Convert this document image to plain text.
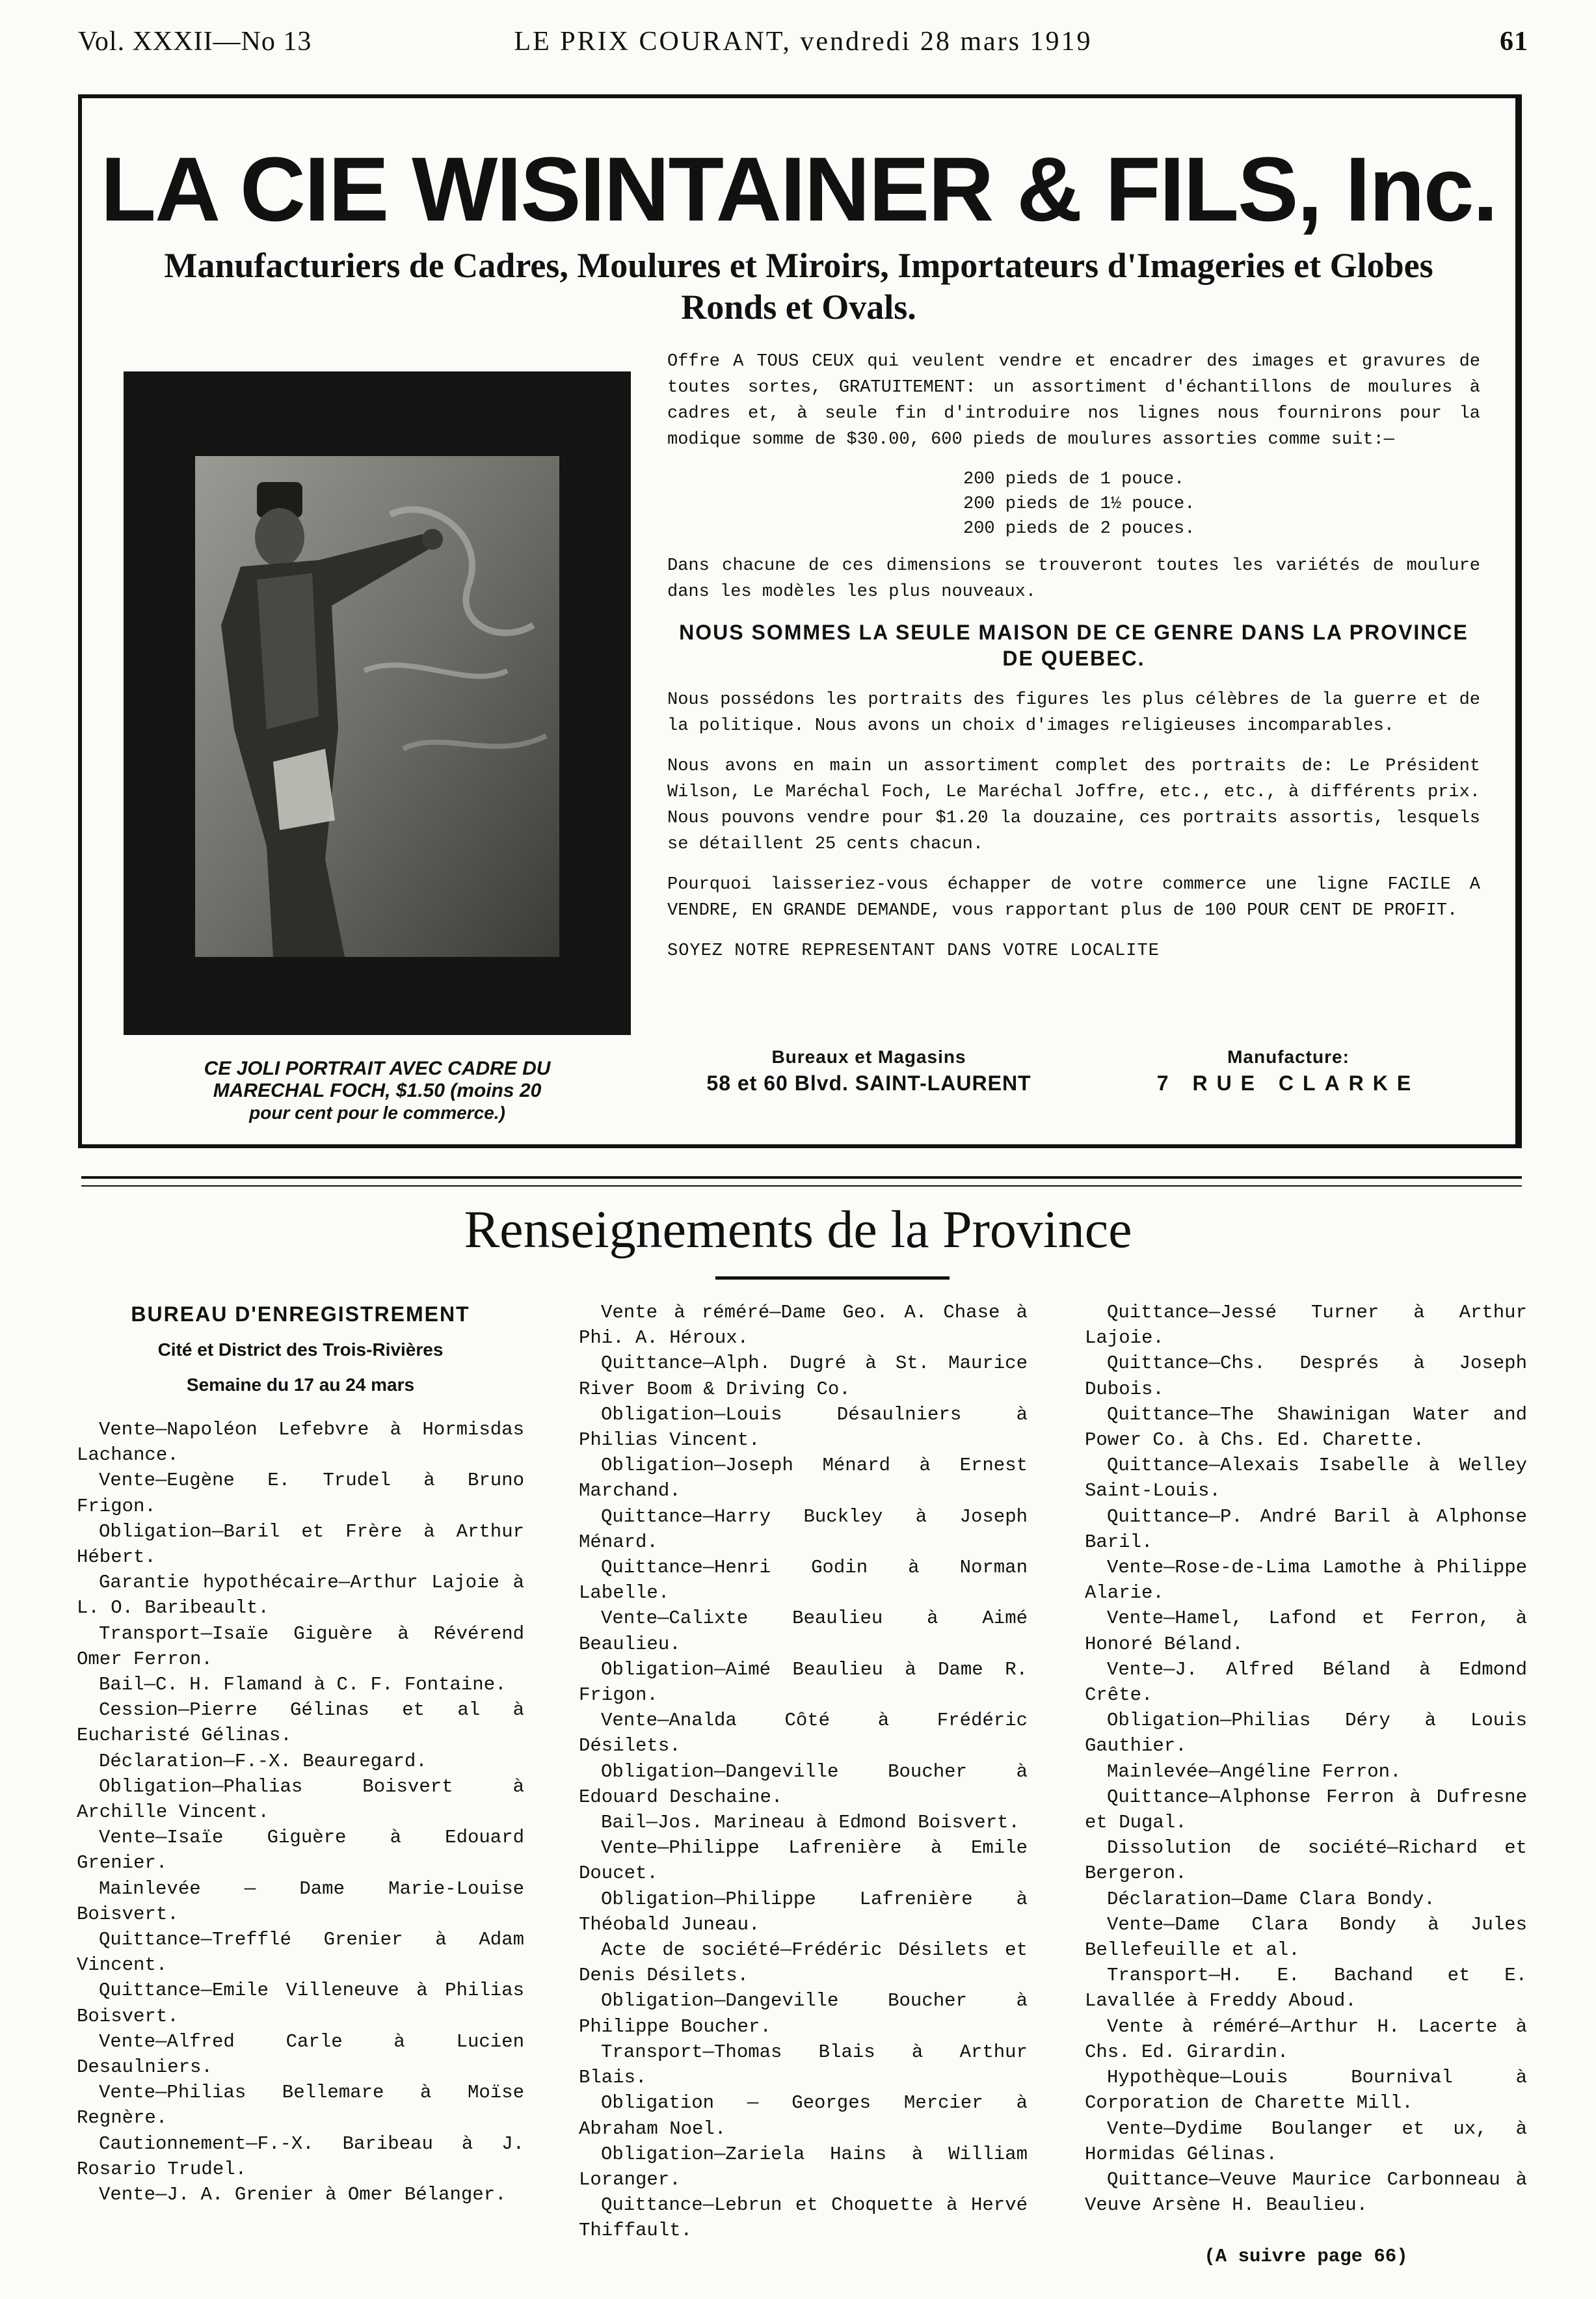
Vol. XXXII—No 13	LE PRIX COURANT, vendredi 28 mars 1919	61
LA CIE WISINTAINER & FILS, Inc.
Manufacturiers de Cadres, Moulures et Miroirs, Importateurs d'Imageries et Globes Ronds et Ovals.
CE JOLI PORTRAIT AVEC CADRE DU
MARECHAL FOCH, $1.50 (moins 20
pour cent pour le commerce.)

Offre A TOUS CEUX qui veulent vendre et encadrer des images et gravures de toutes sortes, GRATUITEMENT: un assortiment d'échantillons de moulures à cadres et, à seule fin d'introduire nos lignes nous fournirons pour la modique somme de $30.00, 600 pieds de moulures assorties comme suit:—

200 pieds de 1 pouce.
200 pieds de 1½ pouce.
200 pieds de 2 pouces.

Dans chacune de ces dimensions se trouveront toutes les variétés de moulure dans les modèles les plus nouveaux.

NOUS SOMMES LA SEULE MAISON DE CE GENRE DANS LA PROVINCE DE QUEBEC.

Nous possédons les portraits des figures les plus célèbres de la guerre et de la politique. Nous avons un choix d'images religieuses incomparables.

Nous avons en main un assortiment complet des portraits de: Le Président Wilson, Le Maréchal Foch, Le Maréchal Joffre, etc., etc., à différents prix. Nous pouvons vendre pour $1.20 la douzaine, ces portraits assortis, lesquels se détaillent 25 cents chacun.

Pourquoi laisseriez-vous échapper de votre commerce une ligne FACILE A VENDRE, EN GRANDE DEMANDE, vous rapportant plus de 100 POUR CENT DE PROFIT.

SOYEZ NOTRE REPRESENTANT DANS VOTRE LOCALITE

Bureaux et Magasins
58 et 60 Blvd. SAINT-LAURENT
Manufacture:
7 RUE CLARKE
Renseignements de la Province
BUREAU D'ENREGISTREMENT
Cité et District des Trois-Rivières
Semaine du 17 au 24 mars

Vente—Napoléon Lefebvre à Hormisdas Lachance.

Vente—Eugène E. Trudel à Bruno Frigon.

Obligation—Baril et Frère à Arthur Hébert.

Garantie hypothécaire—Arthur Lajoie à L. O. Baribeault.

Transport—Isaïe Giguère à Révérend Omer Ferron.

Bail—C. H. Flamand à C. F. Fontaine.

Cession—Pierre Gélinas et al à Eucharisté Gélinas.

Déclaration—F.-X. Beauregard.

Obligation—Phalias Boisvert à Archille Vincent.

Vente—Isaïe Giguère à Edouard Grenier.

Mainlevée — Dame Marie-Louise Boisvert.

Quittance—Trefflé Grenier à Adam Vincent.

Quittance—Emile Villeneuve à Philias Boisvert.

Vente—Alfred Carle à Lucien Desaulniers.

Vente—Philias Bellemare à Moïse Regnère.

Cautionnement—F.-X. Baribeau à J. Rosario Trudel.

Vente—J. A. Grenier à Omer Bélanger.

Vente à réméré—Dame Geo. A. Chase à Phi. A. Héroux.

Quittance—Alph. Dugré à St. Maurice River Boom & Driving Co.

Obligation—Louis Désaulniers à Philias Vincent.

Obligation—Joseph Ménard à Ernest Marchand.

Quittance—Harry Buckley à Joseph Ménard.

Quittance—Henri Godin à Norman Labelle.

Vente—Calixte Beaulieu à Aimé Beaulieu.

Obligation—Aimé Beaulieu à Dame R. Frigon.

Vente—Analda Côté à Frédéric Désilets.

Obligation—Dangeville Boucher à Edouard Deschaine.

Bail—Jos. Marineau à Edmond Boisvert.

Vente—Philippe Lafrenière à Emile Doucet.

Obligation—Philippe Lafrenière à Théobald Juneau.

Acte de société—Frédéric Désilets et Denis Désilets.

Obligation—Dangeville Boucher à Philippe Boucher.

Transport—Thomas Blais à Arthur Blais.

Obligation — Georges Mercier à Abraham Noel.

Obligation—Zariela Hains à William Loranger.

Quittance—Lebrun et Choquette à Hervé Thiffault.

Quittance—Jessé Turner à Arthur Lajoie.

Quittance—Chs. Després à Joseph Dubois.

Quittance—The Shawinigan Water and Power Co. à Chs. Ed. Charette.

Quittance—Alexais Isabelle à Welley Saint-Louis.

Quittance—P. André Baril à Alphonse Baril.

Vente—Rose-de-Lima Lamothe à Philippe Alarie.

Vente—Hamel, Lafond et Ferron, à Honoré Béland.

Vente—J. Alfred Béland à Edmond Crête.

Obligation—Philias Déry à Louis Gauthier.

Mainlevée—Angéline Ferron.

Quittance—Alphonse Ferron à Dufresne et Dugal.

Dissolution de société—Richard et Bergeron.

Déclaration—Dame Clara Bondy.

Vente—Dame Clara Bondy à Jules Bellefeuille et al.

Transport—H. E. Bachand et E. Lavallée à Freddy Aboud.

Vente à réméré—Arthur H. Lacerte à Chs. Ed. Girardin.

Hypothèque—Louis Bournival à Corporation de Charette Mill.

Vente—Dydime Boulanger et ux, à Hormidas Gélinas.

Quittance—Veuve Maurice Carbonneau à Veuve Arsène H. Beaulieu.

(A suivre page 66)
